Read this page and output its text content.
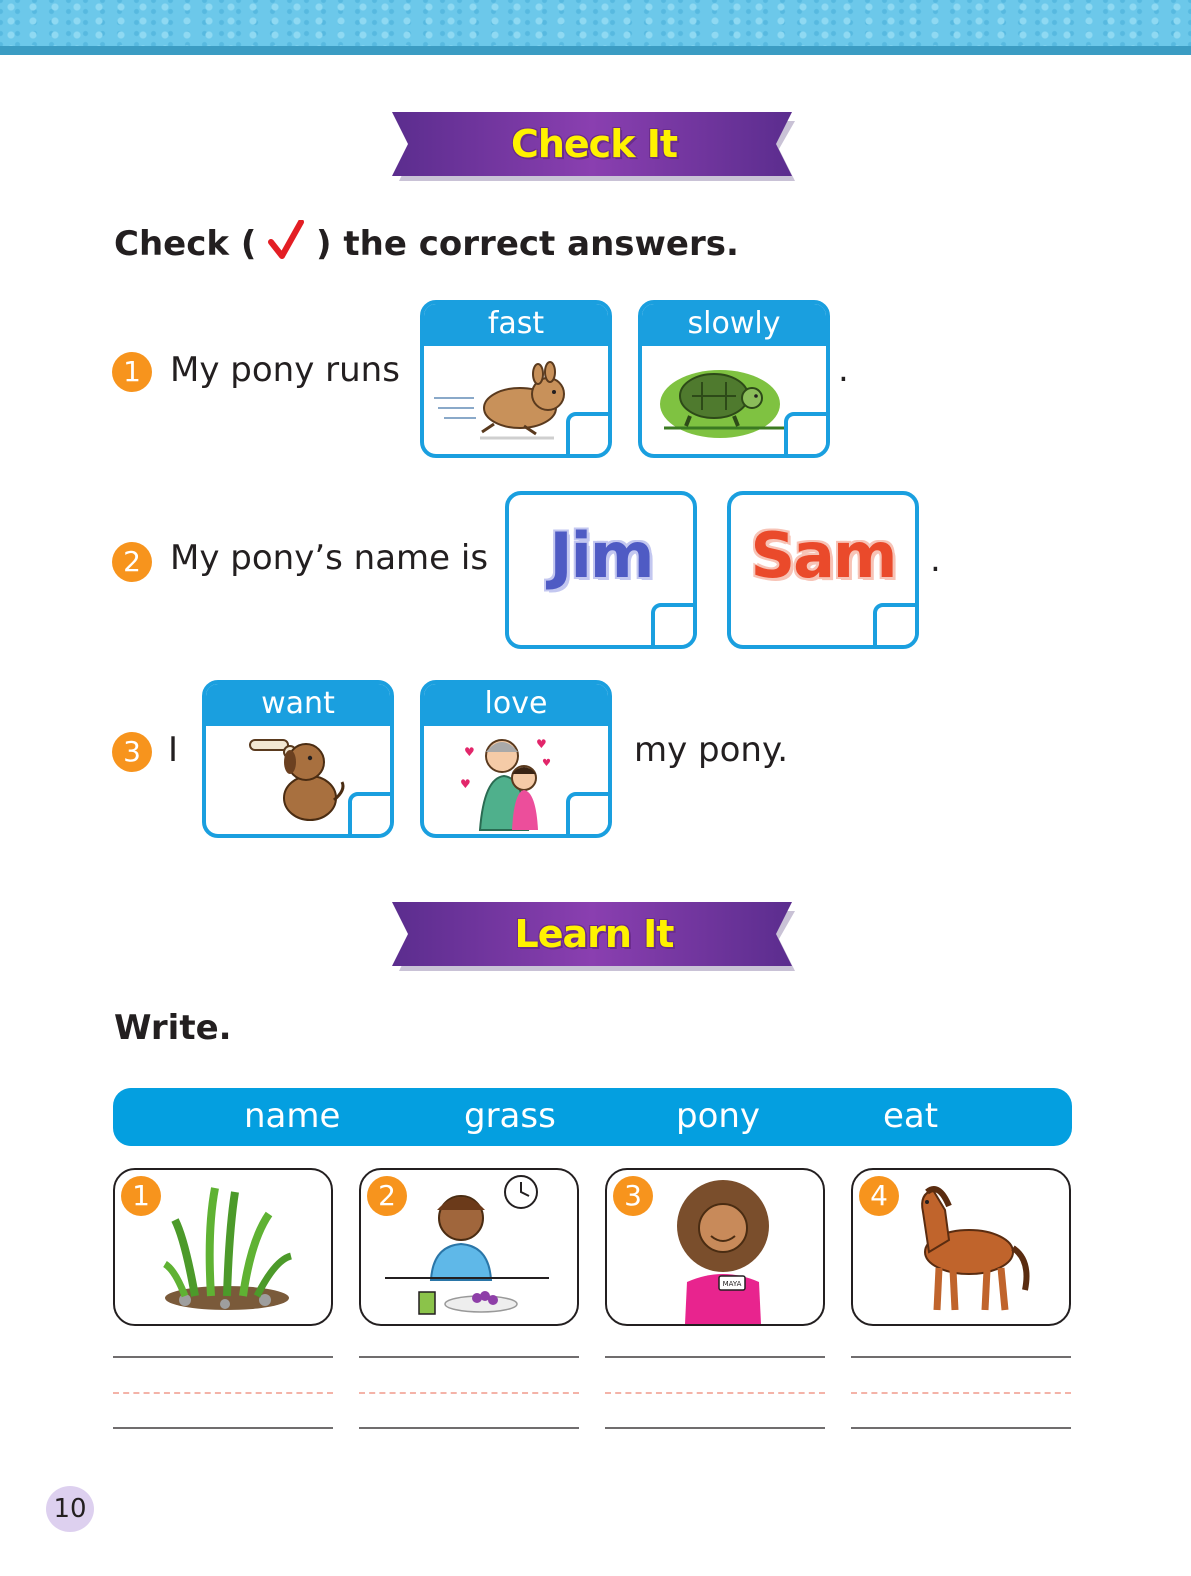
Check It
Check ( ) the correct answers.
1 My pony runs
fast	slowly
.
2 My pony’s name is Jim	Sam	.
3 I
want	love
♥
♥
♥
♥ my pony.
Learn It
Write.
name	grass	pony	eat
1	2	3
MAYA
4
10
